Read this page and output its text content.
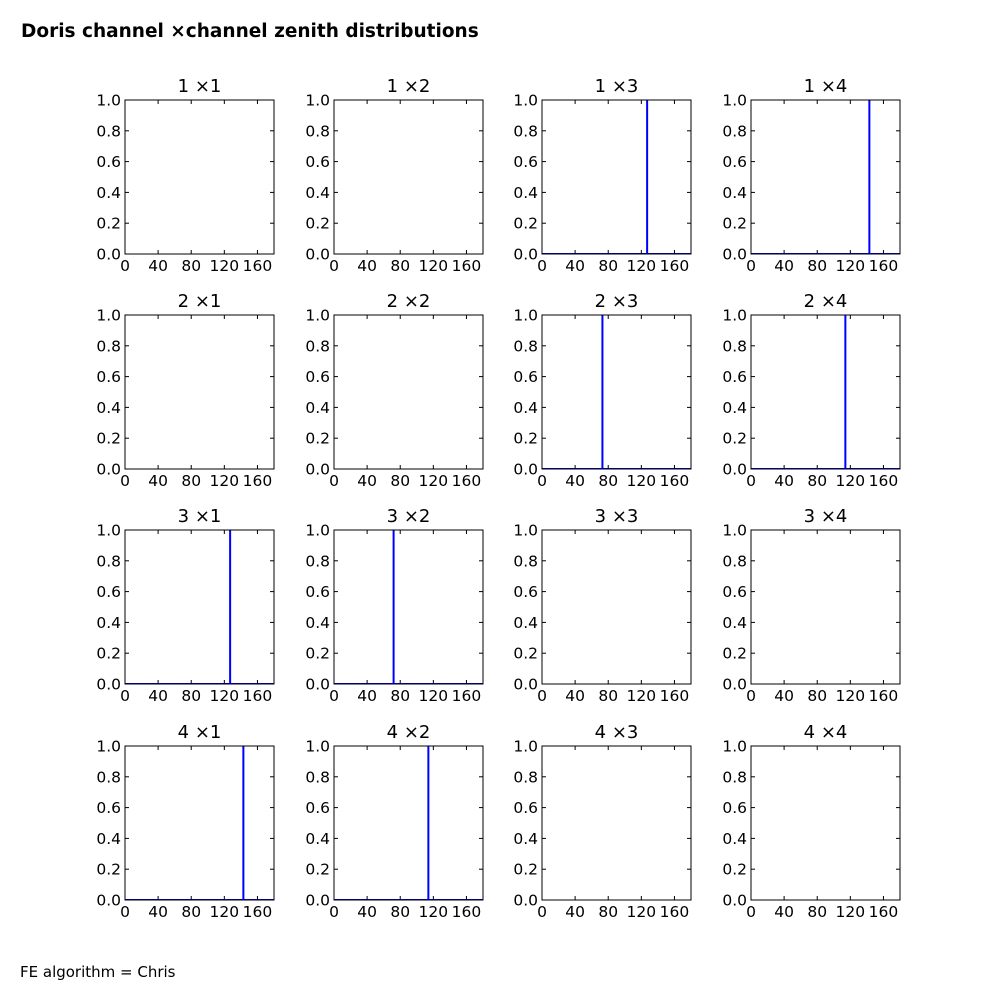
Doris channel ×channel zenith distributions
1 ×1
0 40 80 120 160
0.0
0.2
0.4
0.6
0.8
1.0
1 ×2
0 40 80 120 160
0.0
0.2
0.4
0.6
0.8
1.0
1 ×3
0 40 80 120 160
0.0
0.2
0.4
0.6
0.8
1.0
1 ×4
0 40 80 120 160
0.0
0.2
0.4
0.6
0.8
1.0
2 ×1
0 40 80 120 160
0.0
0.2
0.4
0.6
0.8
1.0
2 ×2
0 40 80 120 160
0.0
0.2
0.4
0.6
0.8
1.0
2 ×3
0 40 80 120 160
0.0
0.2
0.4
0.6
0.8
1.0
2 ×4
0 40 80 120 160
0.0
0.2
0.4
0.6
0.8
1.0
3 ×1
0 40 80 120 160
0.0
0.2
0.4
0.6
0.8
1.0
3 ×2
0 40 80 120 160
0.0
0.2
0.4
0.6
0.8
1.0
3 ×3
0 40 80 120 160
0.0
0.2
0.4
0.6
0.8
1.0
3 ×4
0 40 80 120 160
0.0
0.2
0.4
0.6
0.8
1.0
4 ×1
0 40 80 120 160
0.0
0.2
0.4
0.6
0.8
1.0
4 ×2
0 40 80 120 160
0.0
0.2
0.4
0.6
0.8
1.0
4 ×3
0 40 80 120 160
0.0
0.2
0.4
0.6
0.8
1.0
4 ×4
0 40 80 120 160
0.0
0.2
0.4
0.6
0.8
1.0
FE algorithm = Chris
